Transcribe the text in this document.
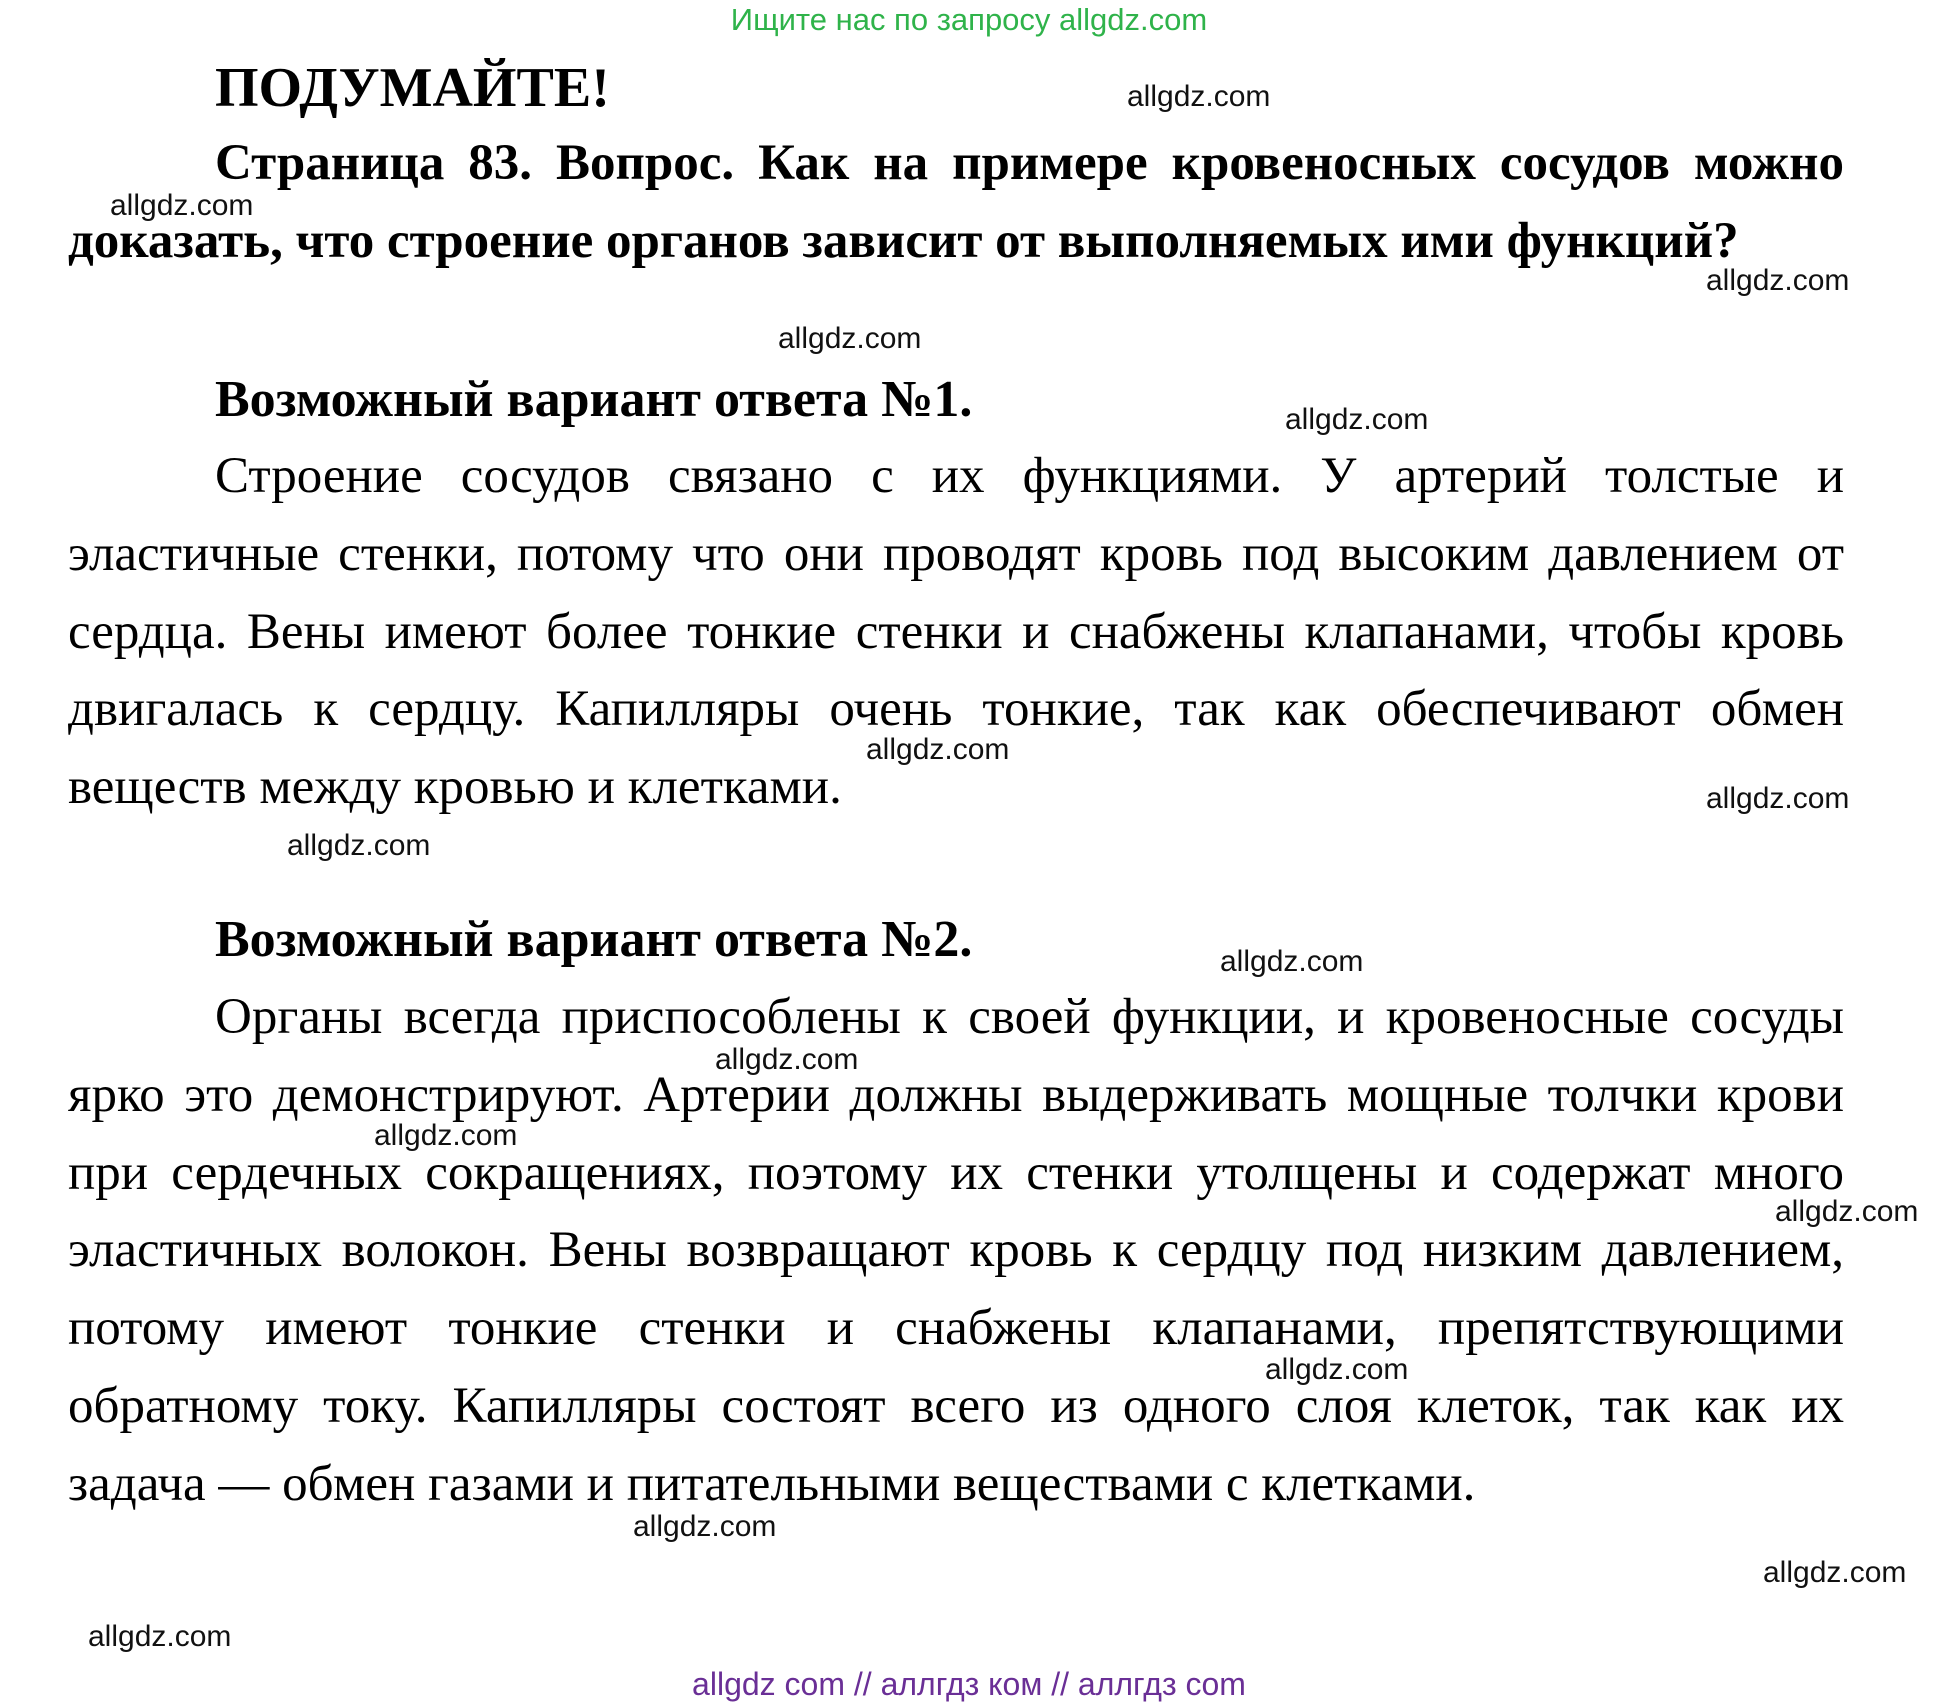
Ищите нас по запросу allgdz.com
ПОДУМАЙТЕ!
Страница 83. Вопрос. Как на примере кровеносных сосудов можно доказать, что строение органов зависит от выполняемых ими функций?
Возможный вариант ответа №1.
Строение сосудов связано с их функциями. У артерий толстые и эластичные стенки, потому что они проводят кровь под высоким давлением от сердца. Вены имеют более тонкие стенки и снабжены клапанами, чтобы кровь двигалась к сердцу. Капилляры очень тонкие, так как обеспечивают обмен веществ между кровью и клетками.
Возможный вариант ответа №2.
Органы всегда приспособлены к своей функции, и кровеносные сосуды ярко это демонстрируют. Артерии должны выдерживать мощные толчки крови при сердечных сокращениях, поэтому их стенки утолщены и содержат много эластичных волокон. Вены возвращают кровь к сердцу под низким давлением, потому имеют тонкие стенки и снабжены клапанами, препятствующими обратному току. Капилляры состоят всего из одного слоя клеток, так как их задача — обмен газами и питательными веществами с клетками.
allgdz.com
allgdz.com
allgdz.com
allgdz.com
allgdz.com
allgdz.com
allgdz.com
allgdz.com
allgdz.com
allgdz.com
allgdz.com
allgdz.com
allgdz.com
allgdz.com
allgdz.com
allgdz.com
allgdz com // аллгдз ком // аллгдз com
